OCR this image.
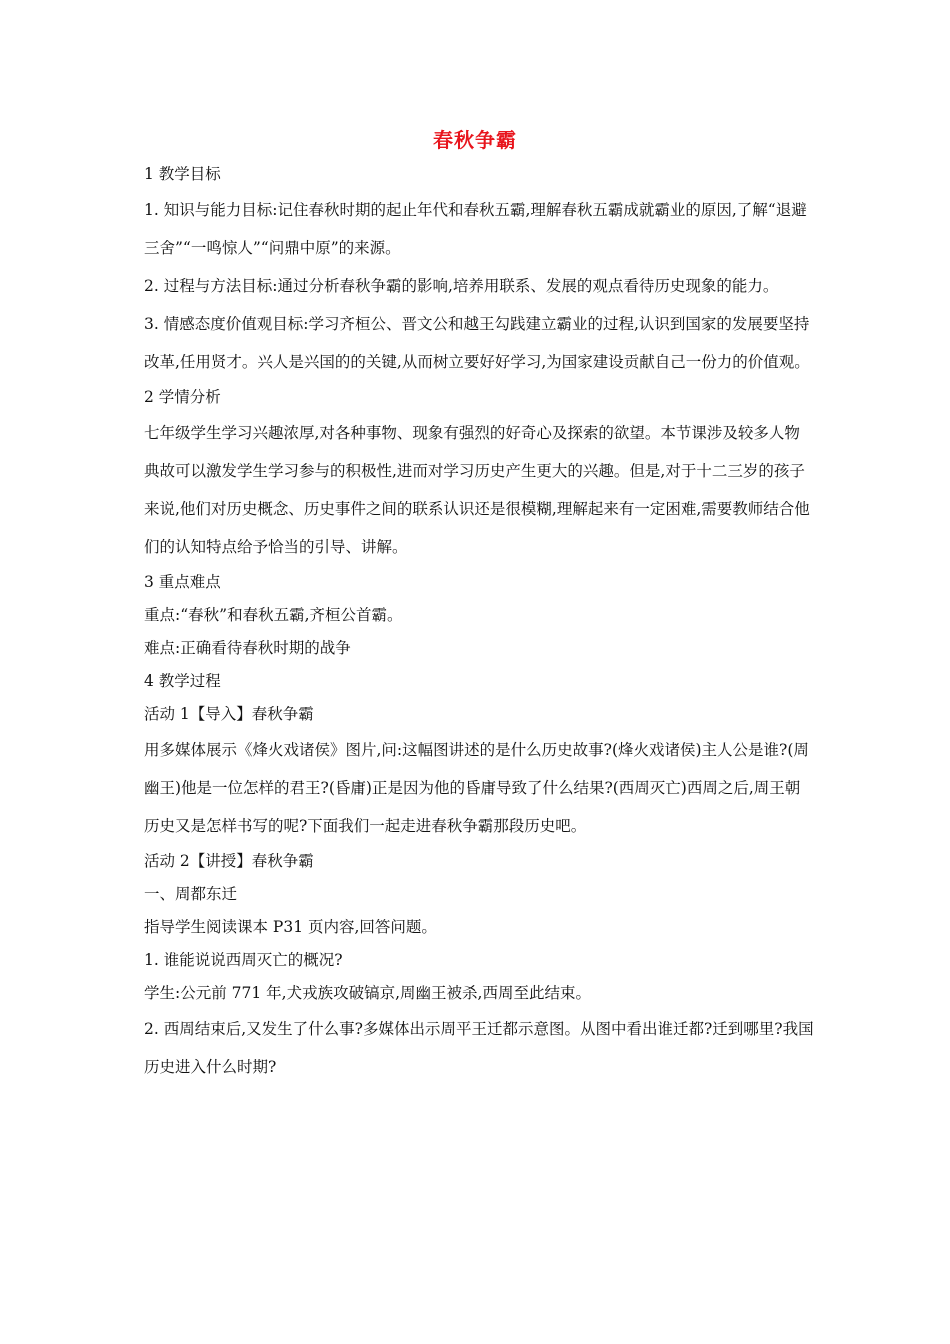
春秋争霸

1 教学目标

1. 知识与能力目标:记住春秋时期的起止年代和春秋五霸,理解春秋五霸成就霸业的原因,了解“退避三舍”“一鸣惊人”“问鼎中原”的来源。

2. 过程与方法目标:通过分析春秋争霸的影响,培养用联系、发展的观点看待历史现象的能力。

3. 情感态度价值观目标:学习齐桓公、晋文公和越王勾践建立霸业的过程,认识到国家的发展要坚持改革,任用贤才。兴人是兴国的的关键,从而树立要好好学习,为国家建设贡献自己一份力的价值观。

2 学情分析

七年级学生学习兴趣浓厚,对各种事物、现象有强烈的好奇心及探索的欲望。本节课涉及较多人物典故可以激发学生学习参与的积极性,进而对学习历史产生更大的兴趣。但是,对于十二三岁的孩子来说,他们对历史概念、历史事件之间的联系认识还是很模糊,理解起来有一定困难,需要教师结合他们的认知特点给予恰当的引导、讲解。

3 重点难点

重点:“春秋”和春秋五霸,齐桓公首霸。

难点:正确看待春秋时期的战争

4 教学过程

活动 1【导入】春秋争霸

用多媒体展示《烽火戏诸侯》图片,问:这幅图讲述的是什么历史故事?(烽火戏诸侯)主人公是谁?(周幽王)他是一位怎样的君王?(昏庸)正是因为他的昏庸导致了什么结果?(西周灭亡)西周之后,周王朝历史又是怎样书写的呢?下面我们一起走进春秋争霸那段历史吧。

活动 2【讲授】春秋争霸

一、周都东迁

指导学生阅读课本 P31 页内容,回答问题。

1. 谁能说说西周灭亡的概况?

学生:公元前 771 年,犬戎族攻破镐京,周幽王被杀,西周至此结束。

2. 西周结束后,又发生了什么事?多媒体出示周平王迁都示意图。从图中看出谁迁都?迁到哪里?我国历史进入什么时期?
